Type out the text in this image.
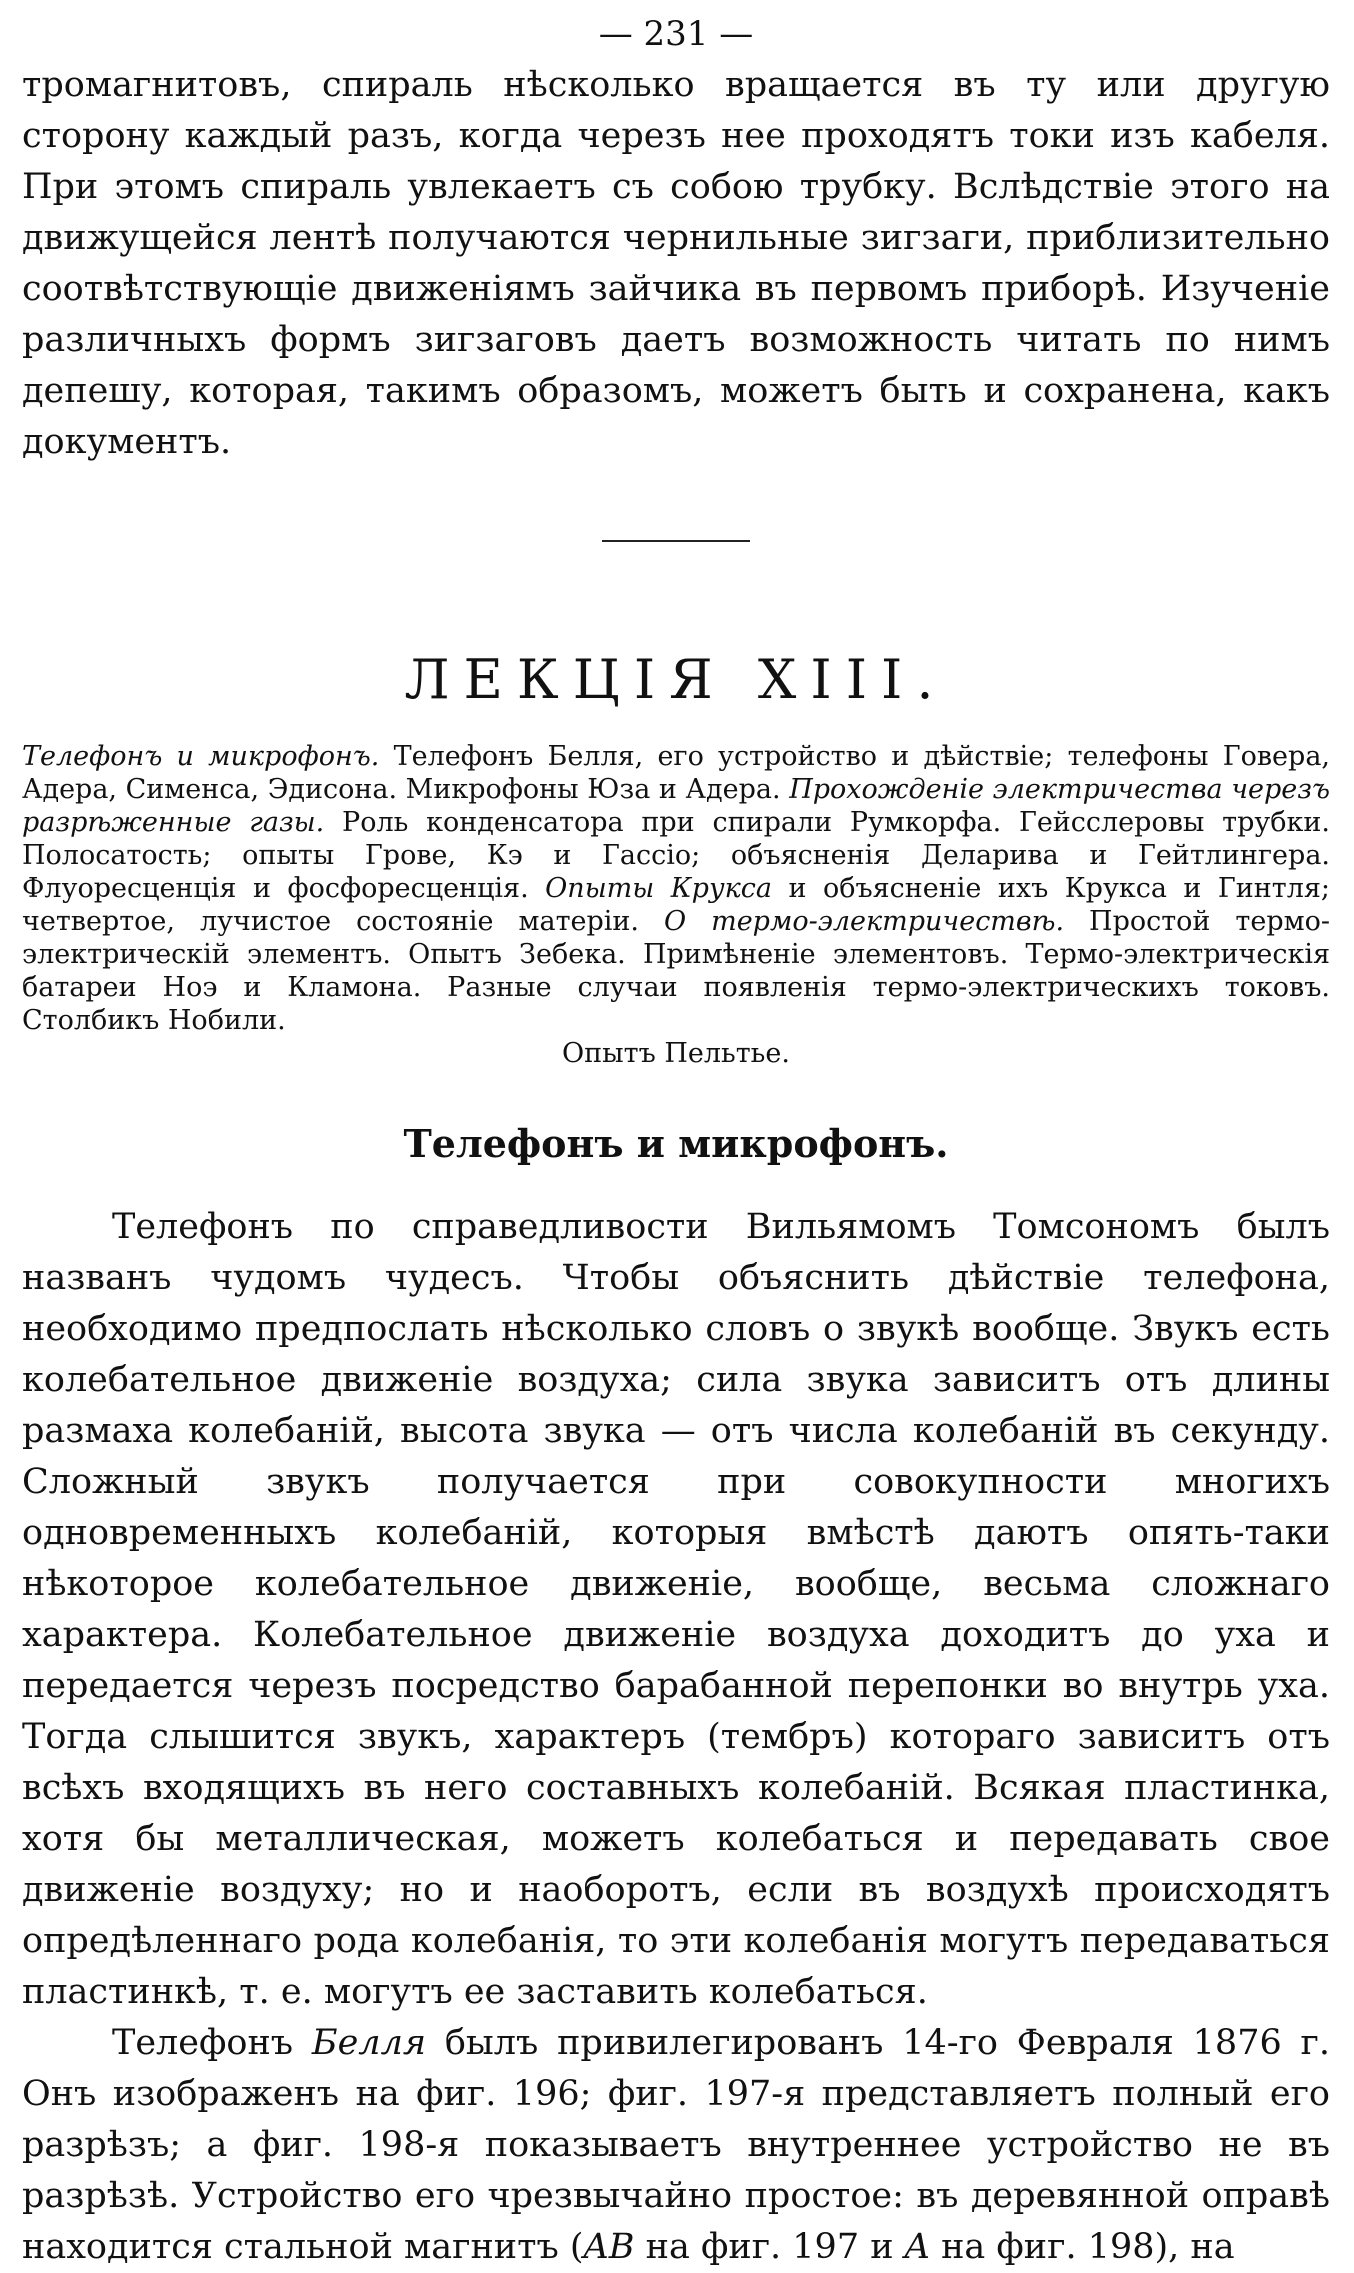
— 231 —

тромагнитовъ, спираль нѣсколько вращается въ ту или другую сторону каждый разъ, когда черезъ нее проходятъ токи изъ кабеля. При этомъ спираль увлекаетъ съ собою трубку. Вслѣдствіе этого на движущейся лентѣ получаются чернильные зигзаги, приблизительно соотвѣтствующіе движеніямъ зайчика въ первомъ приборѣ. Изученіе различныхъ формъ зигзаговъ даетъ возможность читать по нимъ депешу, которая, такимъ образомъ, можетъ быть и сохранена, какъ документъ.

ЛЕКЦІЯ XIII.

Телефонъ и микрофонъ. Телефонъ Белля, его устройство и дѣйствіе; телефоны Говера, Адера, Сименса, Эдисона. Микрофоны Юза и Адера. Прохожденіе электричества черезъ разрѣженные газы. Роль конденсатора при спирали Румкорфа. Гейсслеровы трубки. Полосатость; опыты Грове, Кэ и Гассіо; объясненія Деларива и Гейтлингера. Флуоресценція и фосфоресценція. Опыты Крукса и объясненіе ихъ Крукса и Гинтля; четвертое, лучистое состояніе матеріи. О термо-электричествѣ. Простой термо-электрическій элементъ. Опытъ Зебека. Примѣненіе элементовъ. Термо-электрическія батареи Ноэ и Кламона. Разные случаи появленія термо-электрическихъ токовъ. Столбикъ Нобили.
Опытъ Пельтье.

Телефонъ и микрофонъ.

Телефонъ по справедливости Вильямомъ Томсономъ былъ названъ чудомъ чудесъ. Чтобы объяснить дѣйствіе телефона, необходимо предпослать нѣсколько словъ о звукѣ вообще. Звукъ есть колебательное движеніе воздуха; сила звука зависитъ отъ длины размаха колебаній, высота звука — отъ числа колебаній въ секунду. Сложный звукъ получается при совокупности многихъ одновременныхъ колебаній, которыя вмѣстѣ даютъ опять-таки нѣкоторое колебательное движеніе, вообще, весьма сложнаго характера. Колебательное движеніе воздуха доходитъ до уха и передается черезъ посредство барабанной перепонки во внутрь уха. Тогда слышится звукъ, характеръ (тембръ) котораго зависитъ отъ всѣхъ входящихъ въ него составныхъ колебаній. Всякая пластинка, хотя бы металлическая, можетъ колебаться и передавать свое движеніе воздуху; но и наоборотъ, если въ воздухѣ происходятъ опредѣленнаго рода колебанія, то эти колебанія могутъ передаваться пластинкѣ, т. е. могутъ ее заставить колебаться.

Телефонъ Белля былъ привилегированъ 14-го Февраля 1876 г. Онъ изображенъ на фиг. 196; фиг. 197-я представляетъ полный его разрѣзъ; а фиг. 198-я показываетъ внутреннее устройство не въ разрѣзѣ. Устройство его чрезвычайно простое: въ деревянной оправѣ находится стальной магнитъ (AB на фиг. 197 и A на фиг. 198), на
